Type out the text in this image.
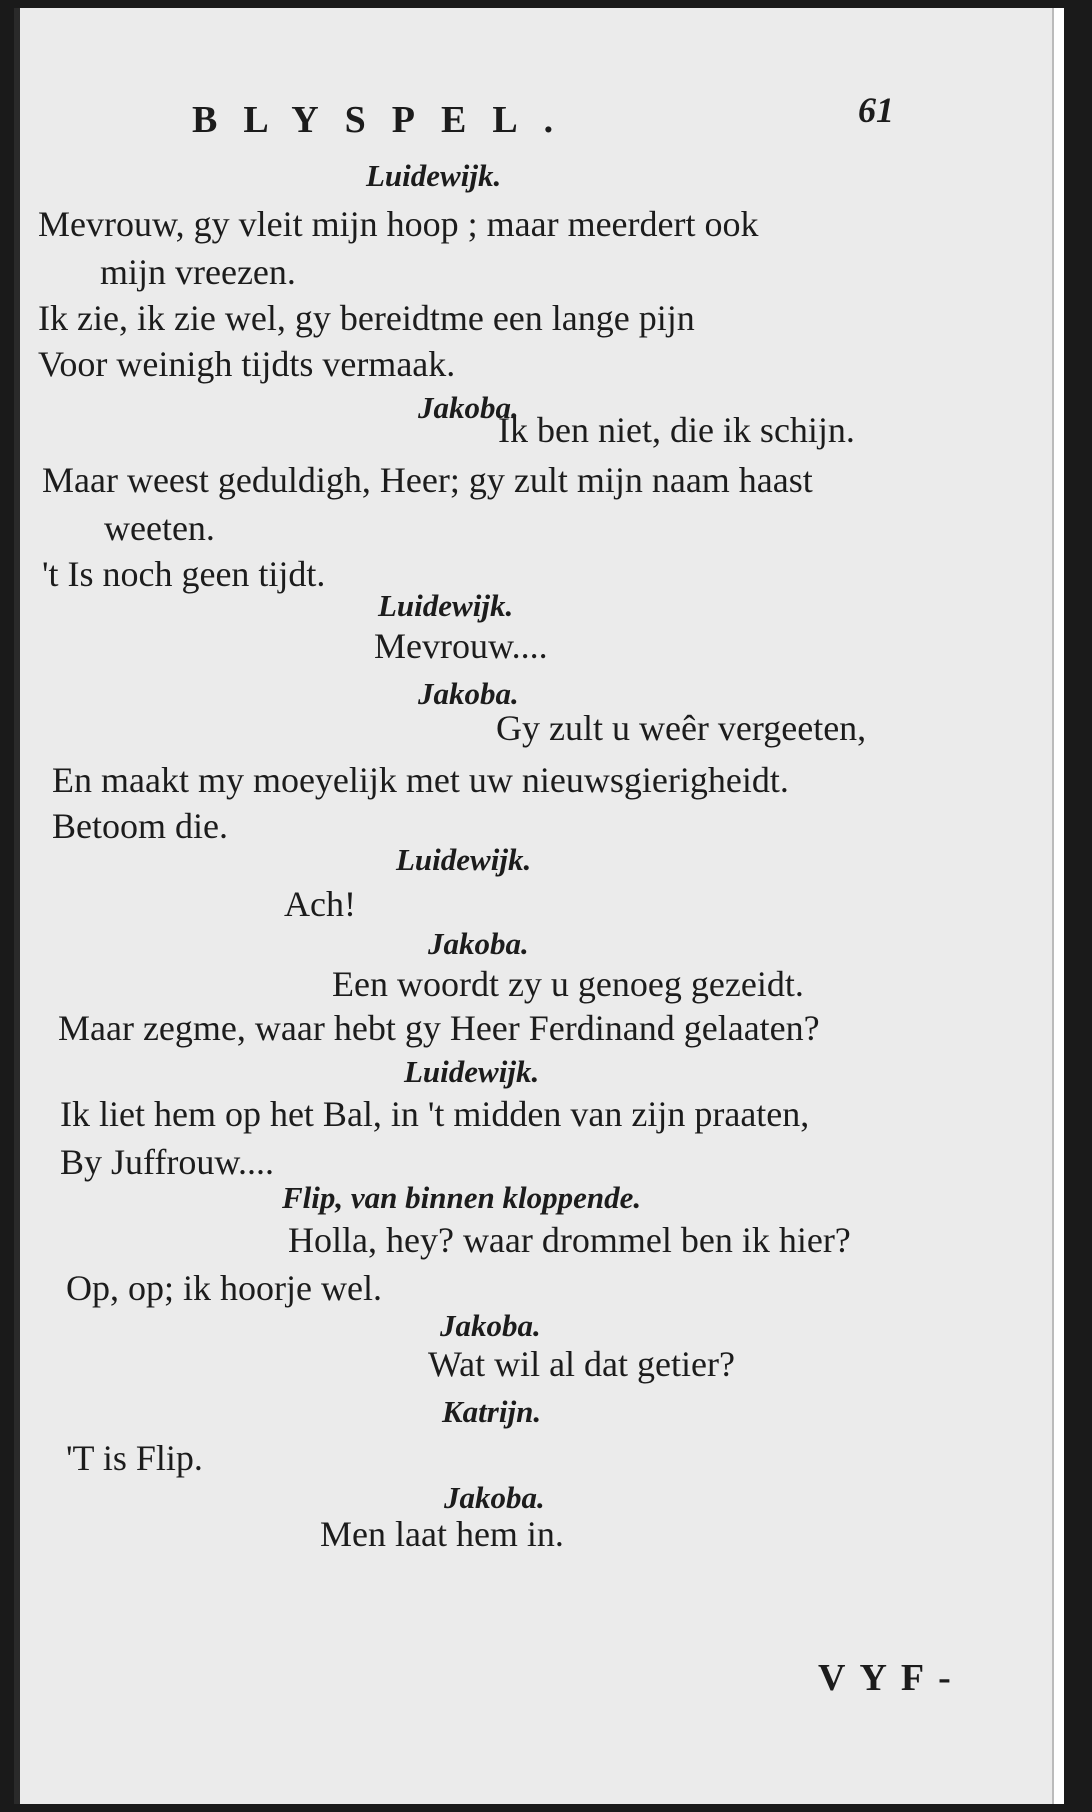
BLYSPEL.	61
Luidewijk.
Mevrouw, gy vleit mijn hoop ; maar meerdert ook
mijn vreezen.
Ik zie, ik zie wel, gy bereidtme een lange pijn
Voor weinigh tijdts vermaak.
Jakoba.
Ik ben niet, die ik schijn.
Maar weest geduldigh, Heer; gy zult mijn naam haast
weeten.
't Is noch geen tijdt.
Luidewijk.
Mevrouw....
Jakoba.
Gy zult u weêr vergeeten,
En maakt my moeyelijk met uw nieuwsgierigheidt.
Betoom die.
Luidewijk.
Ach!
Jakoba.
Een woordt zy u genoeg gezeidt.
Maar zegme, waar hebt gy Heer Ferdinand gelaaten?
Luidewijk.
Ik liet hem op het Bal, in 't midden van zijn praaten,
By Juffrouw....
Flip, van binnen kloppende.
Holla, hey? waar drommel ben ik hier?
Op, op; ik hoorje wel.
Jakoba.
Wat wil al dat getier?
Katrijn.
'T is Flip.
Jakoba.
Men laat hem in.
VYF-
